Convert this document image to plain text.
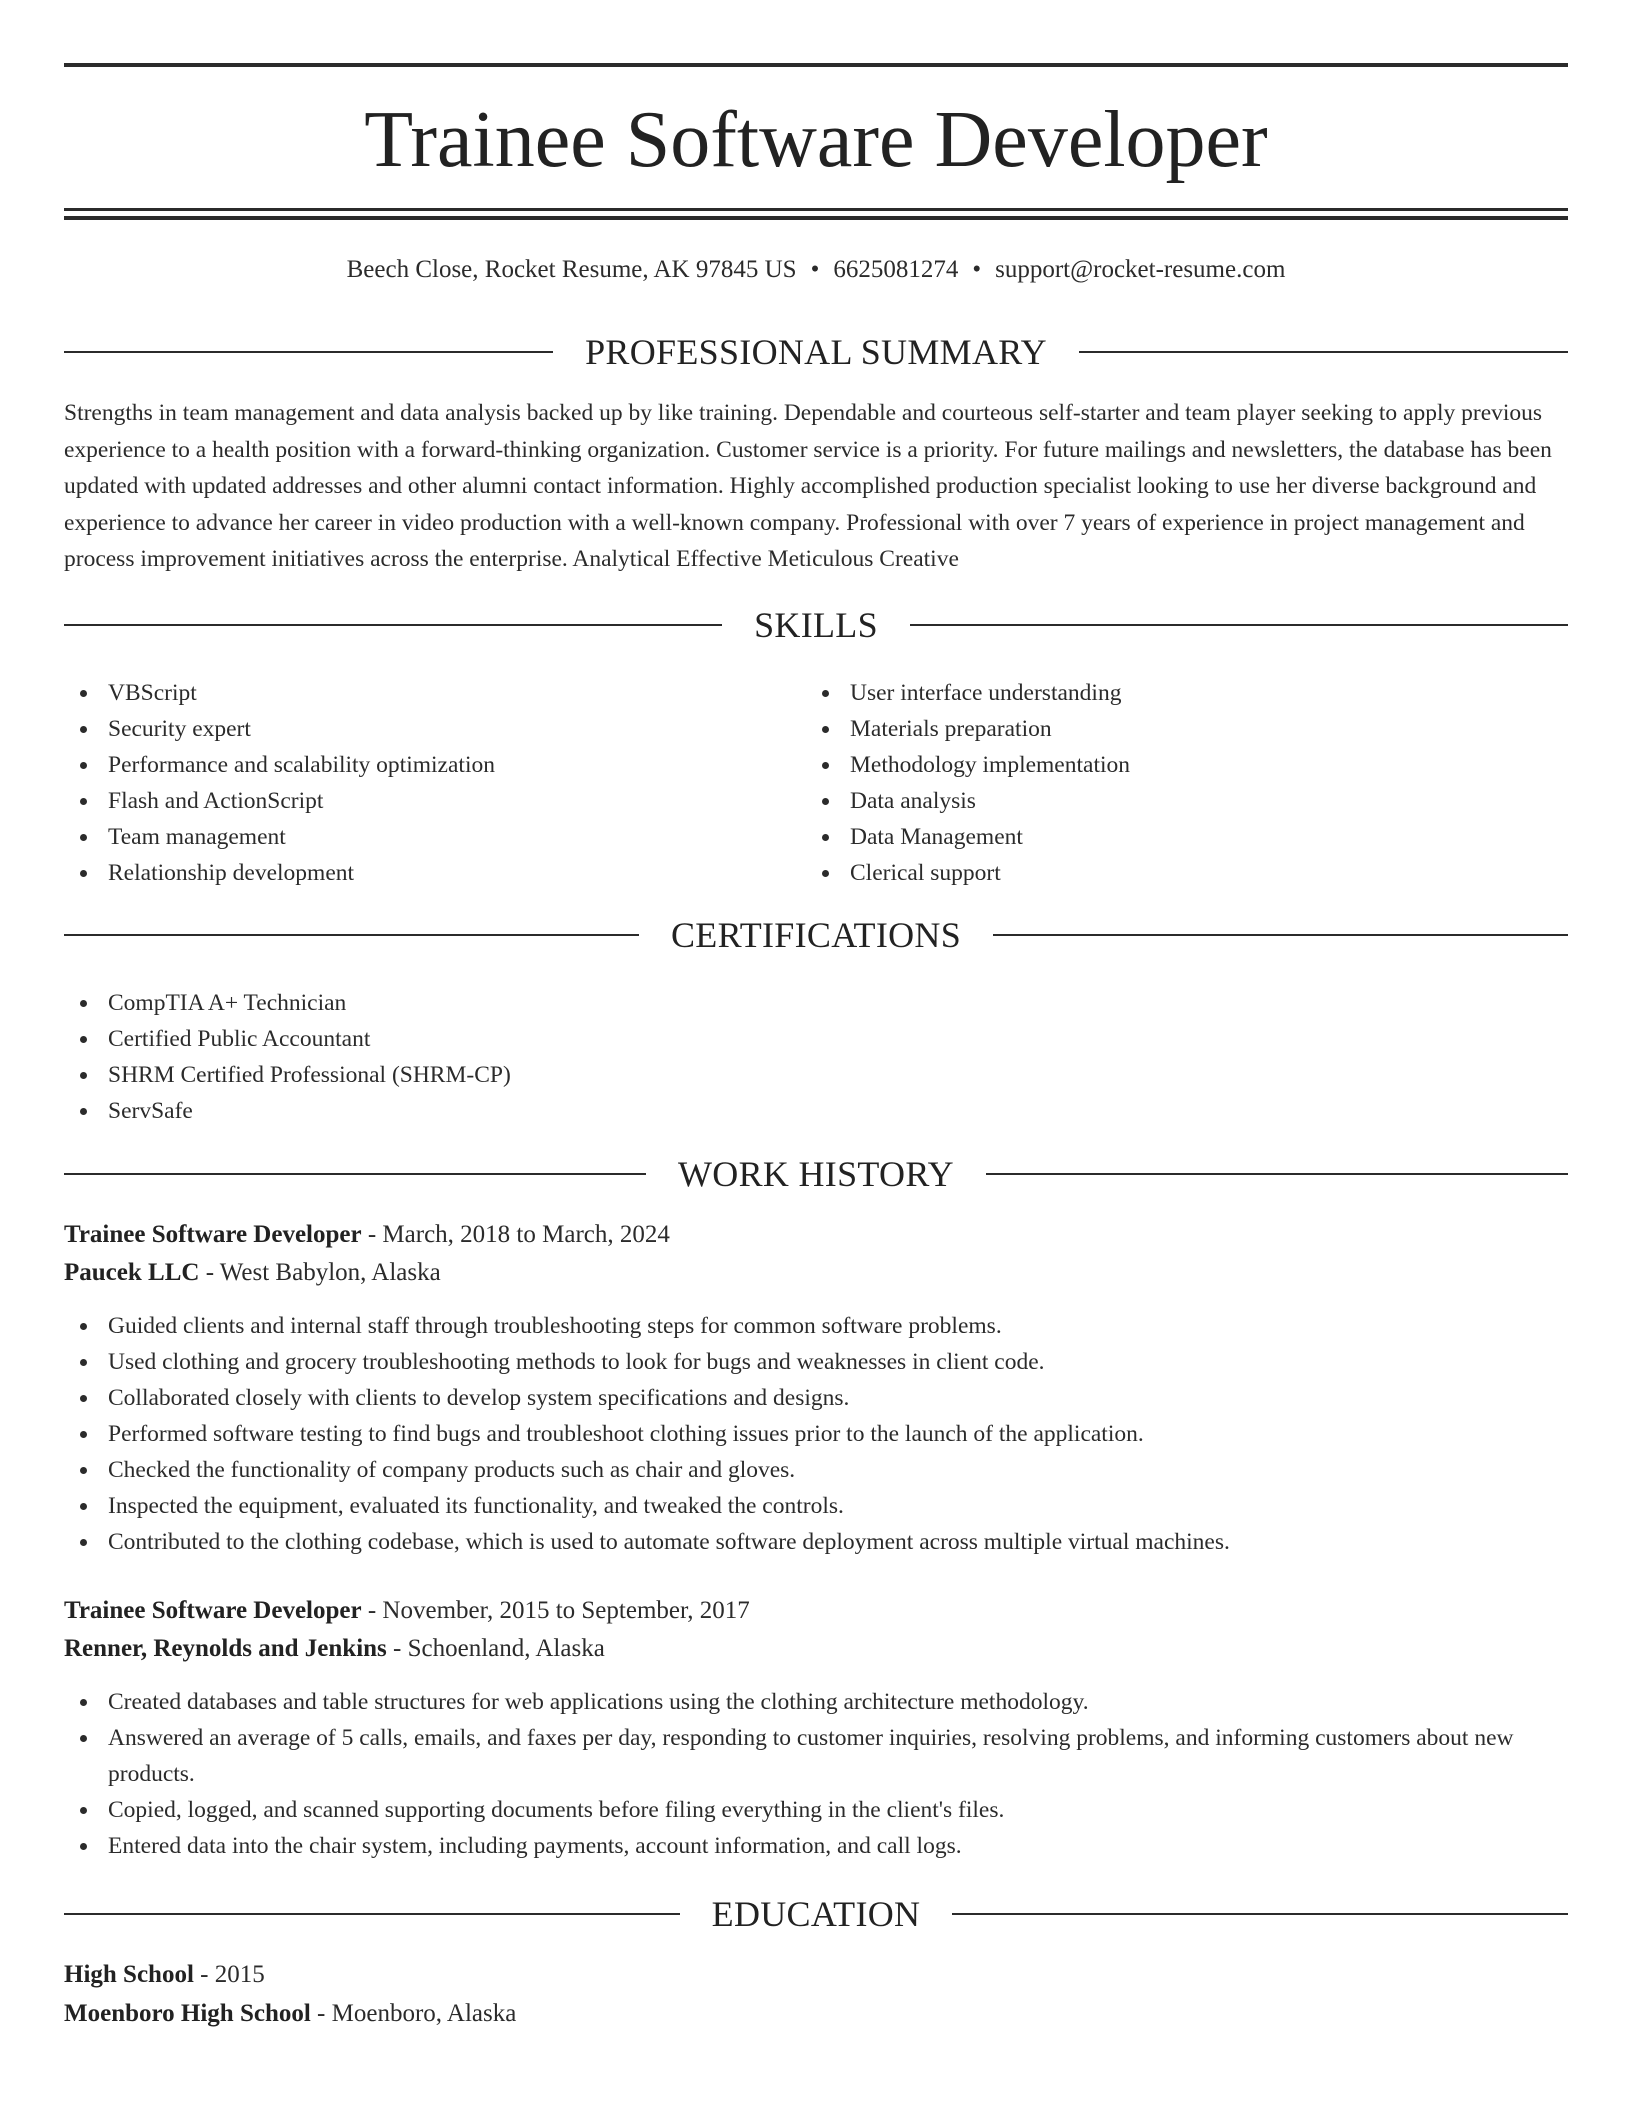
Trainee Software Developer
Beech Close, Rocket Resume, AK 97845 US • 6625081274 • support@rocket-resume.com
PROFESSIONAL SUMMARY
Strengths in team management and data analysis backed up by like training. Dependable and courteous self-starter and team player seeking to apply previous experience to a health position with a forward-thinking organization. Customer service is a priority. For future mailings and newsletters, the database has been updated with updated addresses and other alumni contact information. Highly accomplished production specialist looking to use her diverse background and experience to advance her career in video production with a well-known company. Professional with over 7 years of experience in project management and process improvement initiatives across the enterprise. Analytical Effective Meticulous Creative
SKILLS
VBScript
Security expert
Performance and scalability optimization
Flash and ActionScript
Team management
Relationship development
User interface understanding
Materials preparation
Methodology implementation
Data analysis
Data Management
Clerical support
CERTIFICATIONS
CompTIA A+ Technician
Certified Public Accountant
SHRM Certified Professional (SHRM-CP)
ServSafe
WORK HISTORY
Trainee Software Developer - March, 2018 to March, 2024
Paucek LLC - West Babylon, Alaska
Guided clients and internal staff through troubleshooting steps for common software problems.
Used clothing and grocery troubleshooting methods to look for bugs and weaknesses in client code.
Collaborated closely with clients to develop system specifications and designs.
Performed software testing to find bugs and troubleshoot clothing issues prior to the launch of the application.
Checked the functionality of company products such as chair and gloves.
Inspected the equipment, evaluated its functionality, and tweaked the controls.
Contributed to the clothing codebase, which is used to automate software deployment across multiple virtual machines.
Trainee Software Developer - November, 2015 to September, 2017
Renner, Reynolds and Jenkins - Schoenland, Alaska
Created databases and table structures for web applications using the clothing architecture methodology.
Answered an average of 5 calls, emails, and faxes per day, responding to customer inquiries, resolving problems, and informing customers about new products.
Copied, logged, and scanned supporting documents before filing everything in the client's files.
Entered data into the chair system, including payments, account information, and call logs.
EDUCATION
High School - 2015
Moenboro High School - Moenboro, Alaska
